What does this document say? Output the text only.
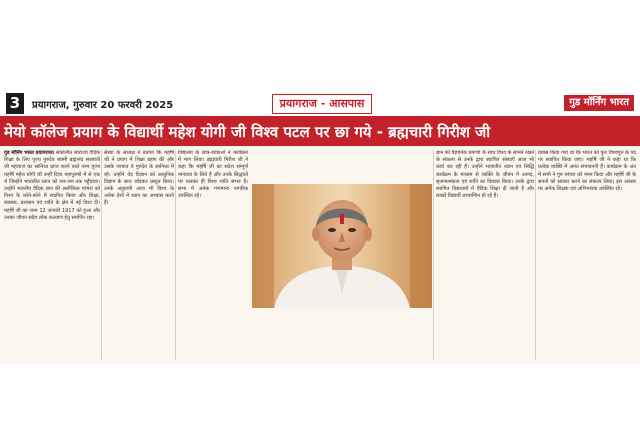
3	प्रयागराज, गुरुवार 20 फरवरी 2025	प्रयागराज - आसपास	गुड मॉर्निंग भारत
मेयो कॉलेज प्रयाग के विद्यार्थी महेश योगी जी विश्व पटल पर छा गये - ब्रह्मचारी गिरीश जी

गुड मॉर्निंग भारत प्रयागराज। संकल्पित स्वराज्य वैदिक शिक्षा के लिए पूज्य गुरुदेव स्वामी ब्रह्मानंद सरस्वती जी महाराज का सानिध्य प्राप्त करने वाले परम पूज्य महर्षि महेश योगी जी उन्हीं दिव्य महापुरुषों में से एक थे जिन्होंने भावातीत ध्यान को जन-जन तक पहुँचाया। उन्होंने भारतीय वैदिक ज्ञान की अलौकिक परंपरा को विश्व के कोने-कोने में स्थापित किया और शिक्षा, स्वास्थ्य, प्रशासन एवं शांति के क्षेत्र में नई दिशा दी। महर्षि जी का जन्म 12 जनवरी 1917 को हुआ और उनका जीवन सदैव लोक कल्याण हेतु समर्पित रहा।

संस्था के अध्यक्ष ने बताया कि महर्षि जी ने प्रयाग में शिक्षा ग्रहण की और उसके पश्चात वे गुरुदेव के सानिध्य में रहे। उन्होंने वेद विज्ञान को आधुनिक विज्ञान के साथ जोड़कर प्रस्तुत किया। उनके अनुयायी आज भी विश्व के अनेक देशों में ध्यान का अभ्यास करते हैं।

विद्यालय के छात्र-छात्राओं ने कार्यक्रम में भाग लिया। ब्रह्मचारी गिरीश जी ने कहा कि महर्षि जी का संदेश सम्पूर्ण मानवता के लिये है और उनके सिद्धांतों पर चलकर ही विश्व शांति संभव है। सभा में अनेक गणमान्य नागरिक उपस्थित रहे।

ज्ञान को वैज्ञानिक प्रमाणों के साथ विश्व के सामने रखने के संकल्प से उनके द्वारा स्थापित संस्थाएँ आज भी कार्य कर रही हैं। उन्होंने भावातीत ध्यान एवं सिद्धि कार्यक्रम के माध्यम से व्यक्ति के जीवन में आनंद, सृजनात्मकता एवं शांति का विकास किया। उनके द्वारा स्थापित विद्यालयों में वैदिक शिक्षा दी जाती है और लाखों विद्यार्थी लाभान्वित हो रहे हैं।

प्रयास किया गया था कि भारत को पुनः विश्वगुरु के पद पर स्थापित किया जाए। महर्षि जी ने कहा था कि प्रत्येक व्यक्ति में अनंत संभावनाएँ हैं। कार्यक्रम के अंत में सभी ने गुरु परंपरा को नमन किया और महर्षि जी के सपनों को साकार करने का संकल्प लिया। इस अवसर पर अनेक शिक्षक एवं अभिभावक उपस्थित रहे।
